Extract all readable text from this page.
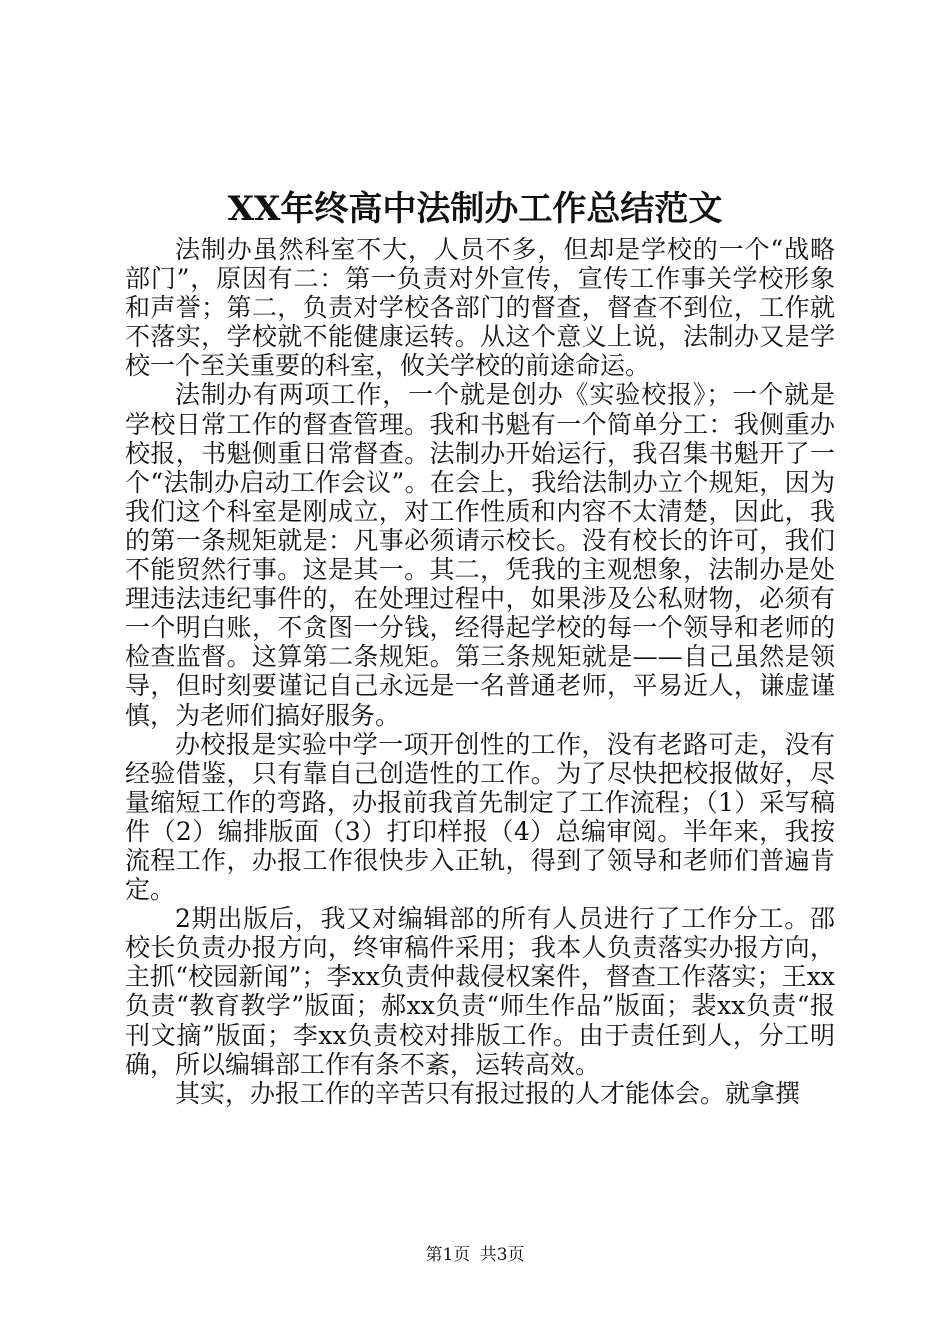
XX年终高中法制办工作总结范文

法制办虽然科室不大，人员不多，但却是学校的一个“战略部门”，原因有二：第一负责对外宣传，宣传工作事关学校形象和声誉；第二，负责对学校各部门的督查，督查不到位，工作就不落实，学校就不能健康运转。从这个意义上说，法制办又是学校一个至关重要的科室，攸关学校的前途命运。

法制办有两项工作，一个就是创办《实验校报》；一个就是学校日常工作的督查管理。我和书魁有一个简单分工：我侧重办校报，书魁侧重日常督查。法制办开始运行，我召集书魁开了一个“法制办启动工作会议”。在会上，我给法制办立个规矩，因为我们这个科室是刚成立，对工作性质和内容不太清楚，因此，我的第一条规矩就是：凡事必须请示校长。没有校长的许可，我们不能贸然行事。这是其一。其二，凭我的主观想象，法制办是处理违法违纪事件的，在处理过程中，如果涉及公私财物，必须有一个明白账，不贪图一分钱，经得起学校的每一个领导和老师的检查监督。这算第二条规矩。第三条规矩就是——自己虽然是领导，但时刻要谨记自己永远是一名普通老师，平易近人，谦虚谨慎，为老师们搞好服务。

办校报是实验中学一项开创性的工作，没有老路可走，没有经验借鉴，只有靠自己创造性的工作。为了尽快把校报做好，尽量缩短工作的弯路，办报前我首先制定了工作流程；（1）采写稿件（2）编排版面（3）打印样报（4）总编审阅。半年来，我按流程工作，办报工作很快步入正轨，得到了领导和老师们普遍肯定。

2期出版后，我又对编辑部的所有人员进行了工作分工。邵校长负责办报方向，终审稿件采用；我本人负责落实办报方向，主抓“校园新闻”；李xx负责仲裁侵权案件，督查工作落实；王xx负责“教育教学”版面；郝xx负责“师生作品”版面；裴xx负责“报刊文摘”版面；李xx负责校对排版工作。由于责任到人，分工明确，所以编辑部工作有条不紊，运转高效。

其实，办报工作的辛苦只有报过报的人才能体会。就拿撰

第1页 共3页
